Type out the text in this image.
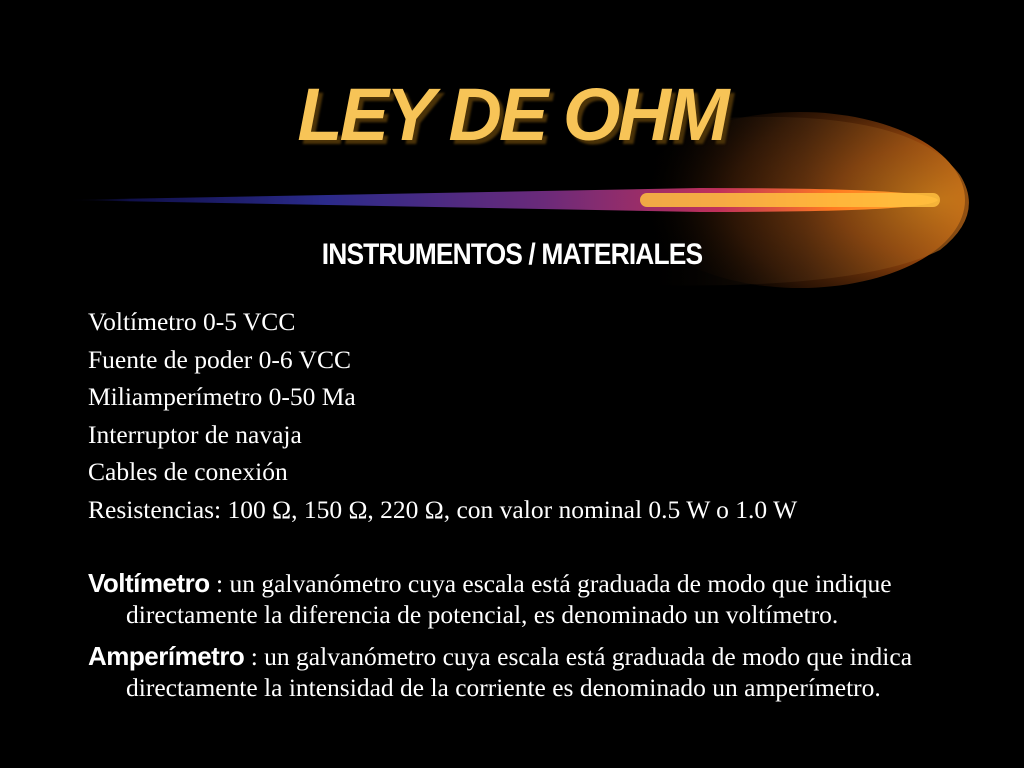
LEY DE OHM
INSTRUMENTOS / MATERIALES
Voltímetro 0-5 VCC
Fuente de poder 0-6 VCC
Miliamperímetro 0-50 Ma
Interruptor de navaja
Cables de conexión
Resistencias: 100 Ω, 150 Ω, 220 Ω, con valor nominal 0.5 W o 1.0 W
Voltímetro : un galvanómetro cuya escala está graduada de modo que indique directamente la diferencia de potencial, es denominado un voltímetro.
Amperímetro : un galvanómetro cuya escala está graduada de modo que indica directamente la intensidad de la corriente es denominado un amperímetro.
